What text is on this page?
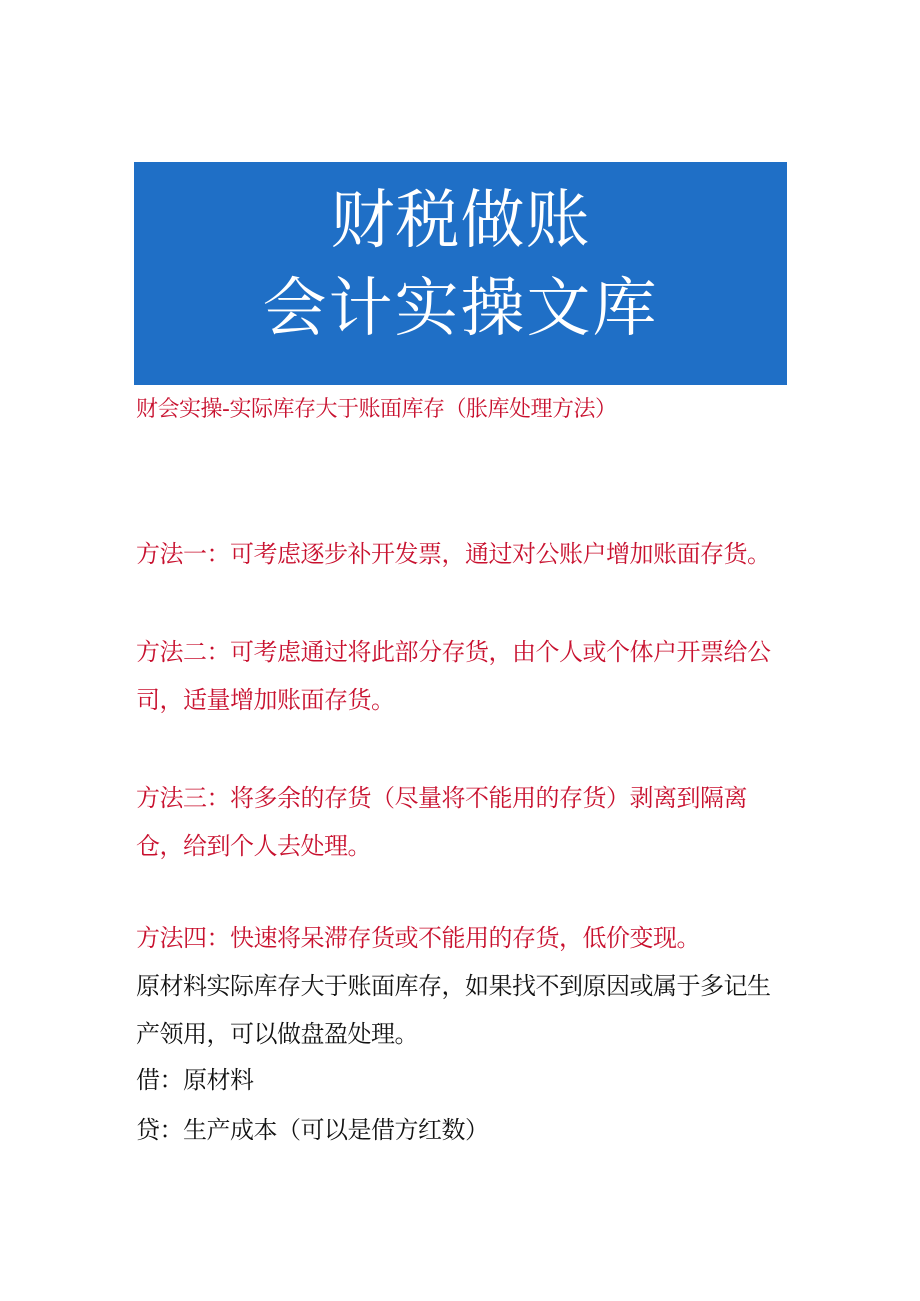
财税做账
会计实操文库
财会实操-实际库存大于账面库存（胀库处理方法）

方法一：可考虑逐步补开发票，通过对公账户增加账面存货。

方法二：可考虑通过将此部分存货，由个人或个体户开票给公司，适量增加账面存货。

方法三：将多余的存货（尽量将不能用的存货）剥离到隔离仓，给到个人去处理。

方法四：快速将呆滞存货或不能用的存货，低价变现。

原材料实际库存大于账面库存，如果找不到原因或属于多记生产领用，可以做盘盈处理。

借：原材料

贷：生产成本（可以是借方红数）
